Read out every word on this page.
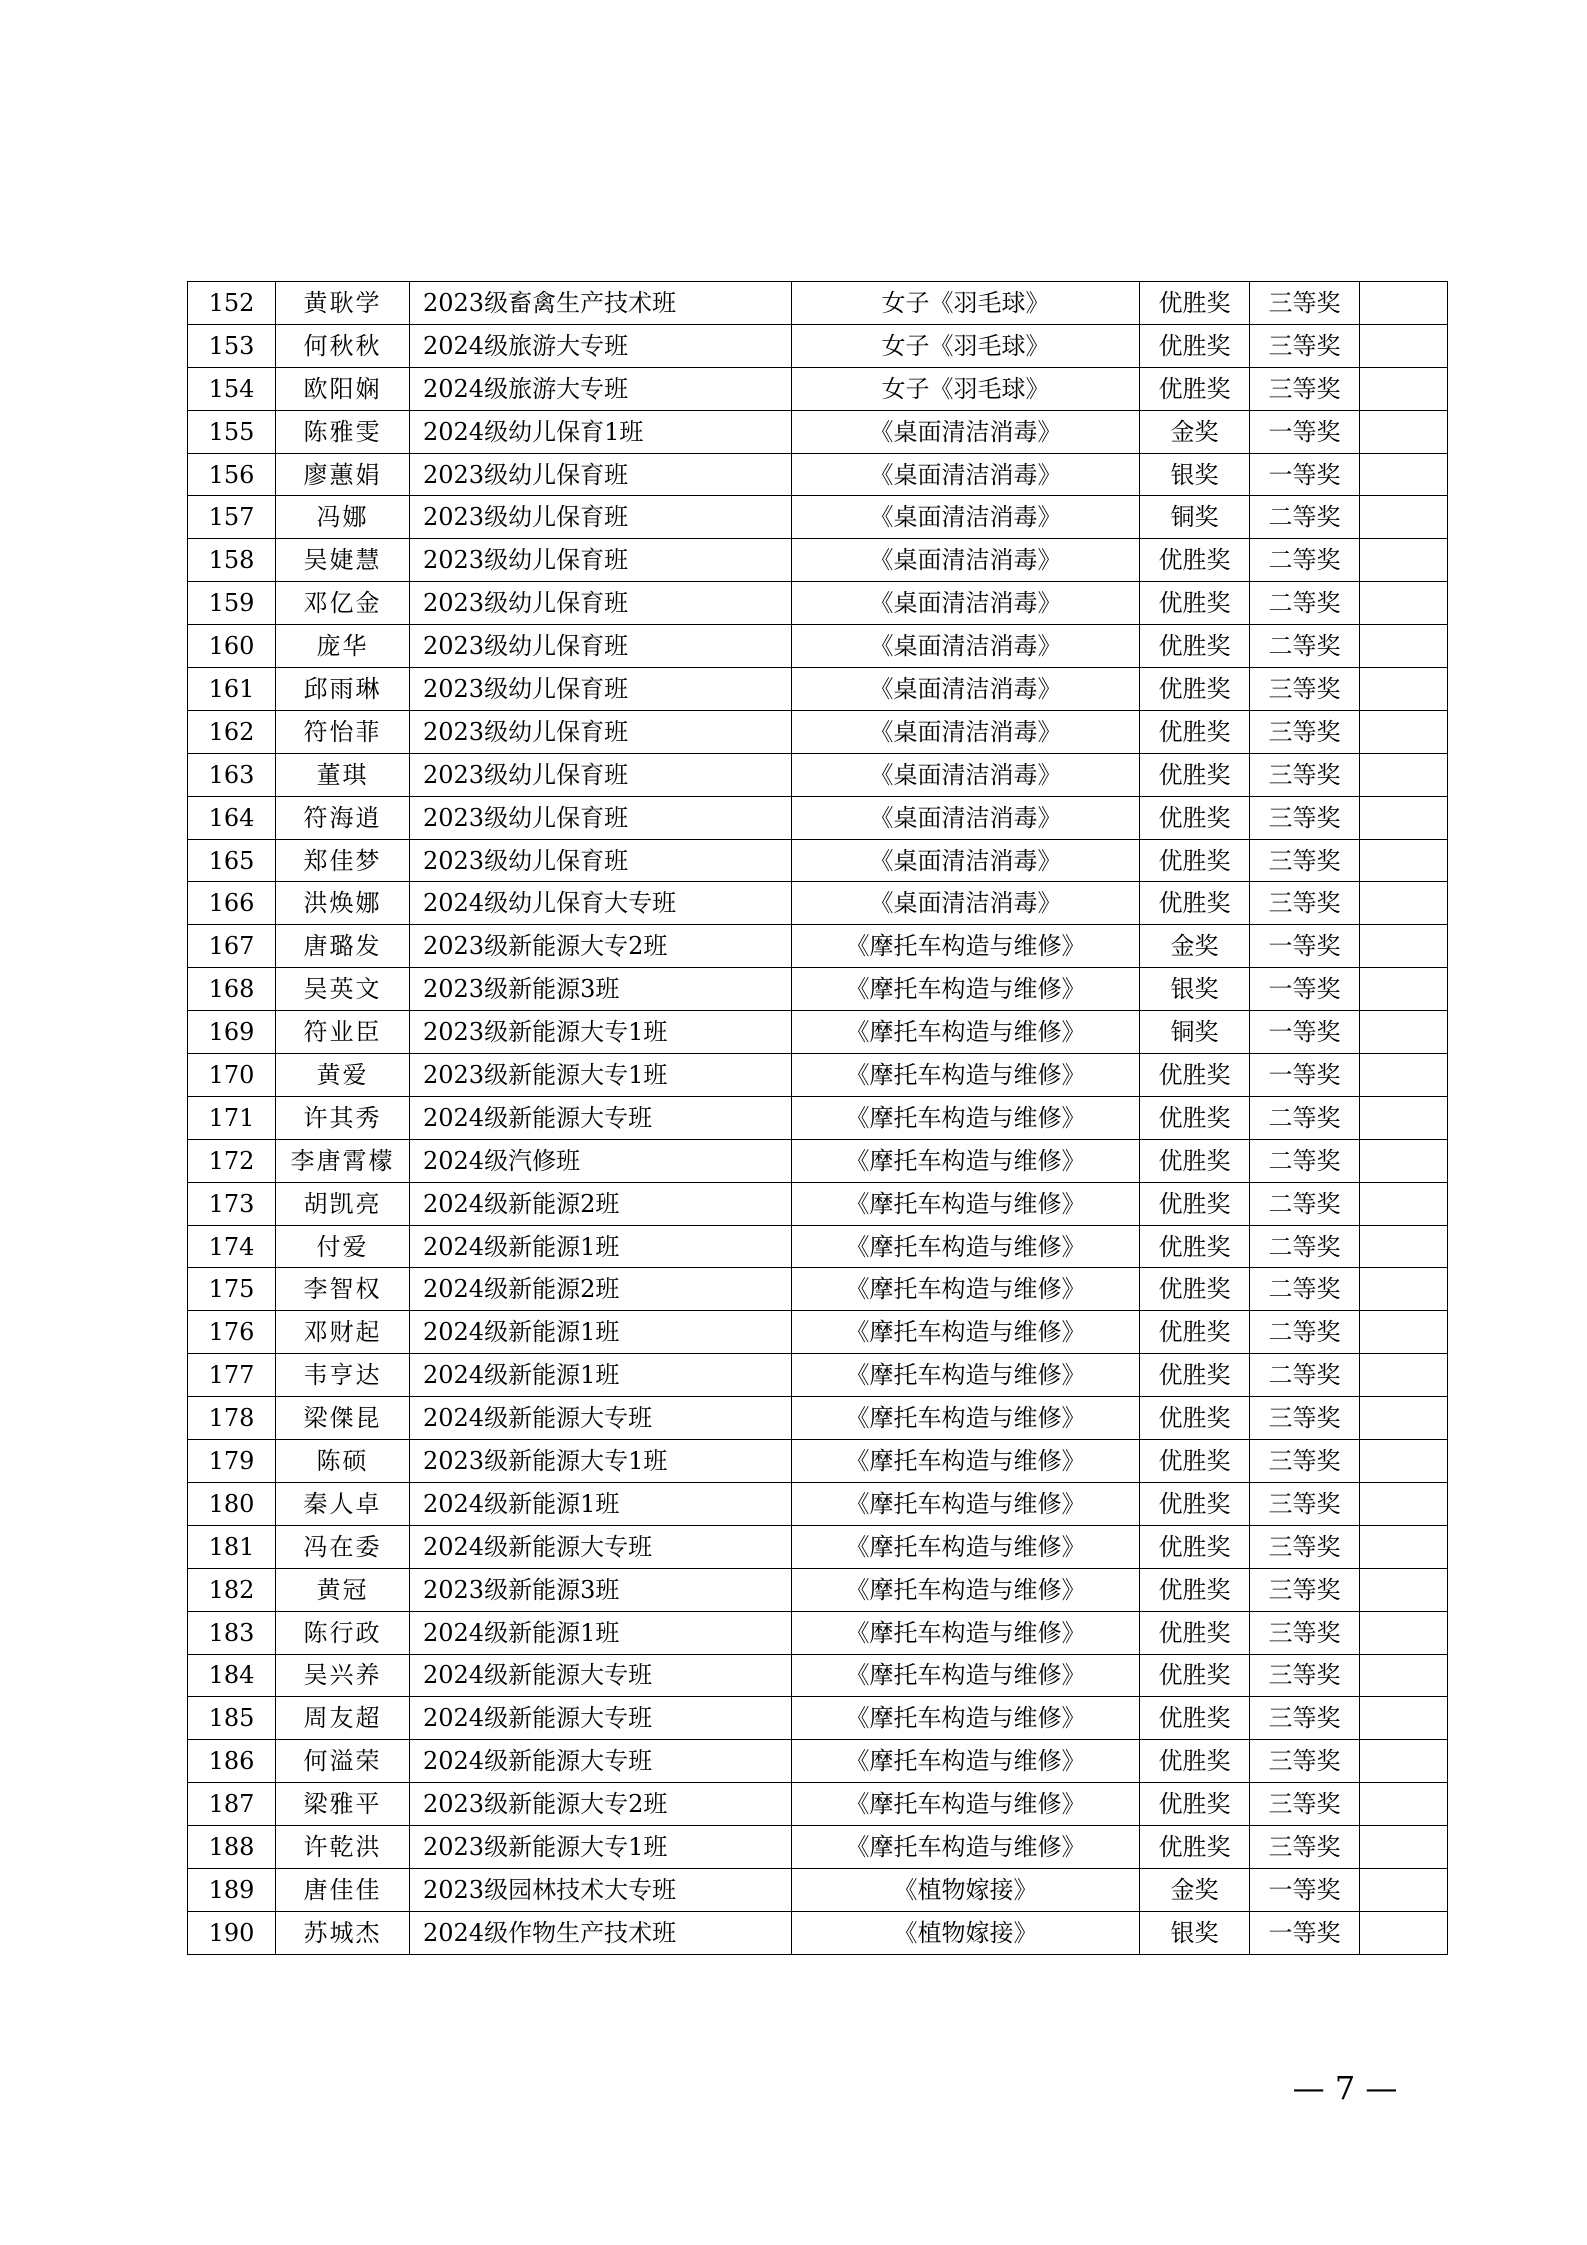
152	黄耿学	2023级畜禽生产技术班	女子《羽毛球》	优胜奖	三等奖	
153	何秋秋	2024级旅游大专班	女子《羽毛球》	优胜奖	三等奖	
154	欧阳娴	2024级旅游大专班	女子《羽毛球》	优胜奖	三等奖	
155	陈雅雯	2024级幼儿保育1班	《桌面清洁消毒》	金奖	一等奖	
156	廖蕙娟	2023级幼儿保育班	《桌面清洁消毒》	银奖	一等奖	
157	冯娜	2023级幼儿保育班	《桌面清洁消毒》	铜奖	二等奖	
158	吴婕慧	2023级幼儿保育班	《桌面清洁消毒》	优胜奖	二等奖	
159	邓亿金	2023级幼儿保育班	《桌面清洁消毒》	优胜奖	二等奖	
160	庞华	2023级幼儿保育班	《桌面清洁消毒》	优胜奖	二等奖	
161	邱雨琳	2023级幼儿保育班	《桌面清洁消毒》	优胜奖	三等奖	
162	符怡菲	2023级幼儿保育班	《桌面清洁消毒》	优胜奖	三等奖	
163	董琪	2023级幼儿保育班	《桌面清洁消毒》	优胜奖	三等奖	
164	符海逍	2023级幼儿保育班	《桌面清洁消毒》	优胜奖	三等奖	
165	郑佳梦	2023级幼儿保育班	《桌面清洁消毒》	优胜奖	三等奖	
166	洪焕娜	2024级幼儿保育大专班	《桌面清洁消毒》	优胜奖	三等奖	
167	唐璐发	2023级新能源大专2班	《摩托车构造与维修》	金奖	一等奖	
168	吴英文	2023级新能源3班	《摩托车构造与维修》	银奖	一等奖	
169	符业臣	2023级新能源大专1班	《摩托车构造与维修》	铜奖	一等奖	
170	黄爱	2023级新能源大专1班	《摩托车构造与维修》	优胜奖	一等奖	
171	许其秀	2024级新能源大专班	《摩托车构造与维修》	优胜奖	二等奖	
172	李唐霄檬	2024级汽修班	《摩托车构造与维修》	优胜奖	二等奖	
173	胡凯亮	2024级新能源2班	《摩托车构造与维修》	优胜奖	二等奖	
174	付爱	2024级新能源1班	《摩托车构造与维修》	优胜奖	二等奖	
175	李智权	2024级新能源2班	《摩托车构造与维修》	优胜奖	二等奖	
176	邓财起	2024级新能源1班	《摩托车构造与维修》	优胜奖	二等奖	
177	韦亨达	2024级新能源1班	《摩托车构造与维修》	优胜奖	二等奖	
178	梁傑昆	2024级新能源大专班	《摩托车构造与维修》	优胜奖	三等奖	
179	陈硕	2023级新能源大专1班	《摩托车构造与维修》	优胜奖	三等奖	
180	秦人卓	2024级新能源1班	《摩托车构造与维修》	优胜奖	三等奖	
181	冯在委	2024级新能源大专班	《摩托车构造与维修》	优胜奖	三等奖	
182	黄冠	2023级新能源3班	《摩托车构造与维修》	优胜奖	三等奖	
183	陈行政	2024级新能源1班	《摩托车构造与维修》	优胜奖	三等奖	
184	吴兴养	2024级新能源大专班	《摩托车构造与维修》	优胜奖	三等奖	
185	周友超	2024级新能源大专班	《摩托车构造与维修》	优胜奖	三等奖	
186	何溢荣	2024级新能源大专班	《摩托车构造与维修》	优胜奖	三等奖	
187	梁雅平	2023级新能源大专2班	《摩托车构造与维修》	优胜奖	三等奖	
188	许乾洪	2023级新能源大专1班	《摩托车构造与维修》	优胜奖	三等奖	
189	唐佳佳	2023级园林技术大专班	《植物嫁接》	金奖	一等奖	
190	苏城杰	2024级作物生产技术班	《植物嫁接》	银奖	一等奖	
— 7 —
